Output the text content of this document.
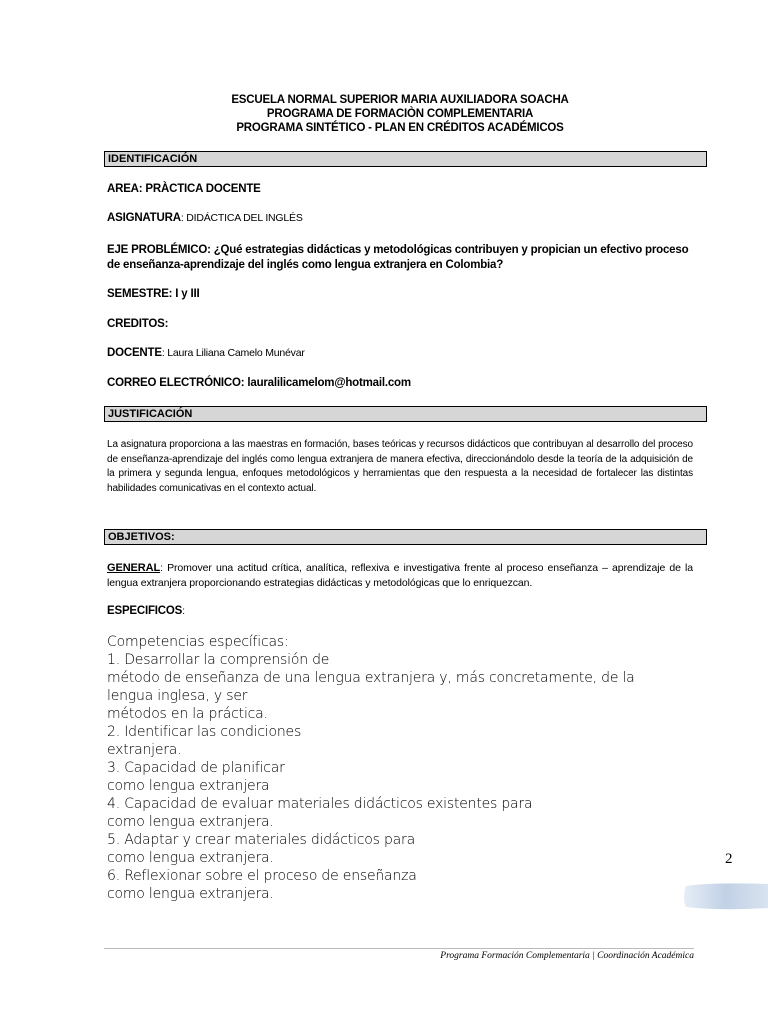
ESCUELA NORMAL SUPERIOR MARIA AUXILIADORA SOACHA
PROGRAMA DE FORMACIÒN COMPLEMENTARIA
PROGRAMA SINTÉTICO - PLAN EN CRÉDITOS ACADÉMICOS
IDENTIFICACIÓN
AREA: PRÀCTICA DOCENTE
ASIGNATURA: DIDÁCTICA DEL INGLÉS
EJE PROBLÉMICO: ¿Qué estrategias didácticas y metodológicas contribuyen y propician un efectivo proceso de enseñanza-aprendizaje del inglés como lengua extranjera en Colombia?
SEMESTRE: I y III
CREDITOS:
DOCENTE: Laura Liliana Camelo Munévar
CORREO ELECTRÓNICO: lauralilicamelom@hotmail.com
JUSTIFICACIÓN
La asignatura proporciona a las maestras en formación, bases teóricas y recursos didácticos que contribuyan al desarrollo del proceso de enseñanza-aprendizaje del inglés como lengua extranjera de manera efectiva, direccionándolo desde la teoría de la adquisición de la primera y segunda lengua, enfoques metodológicos y herramientas que den respuesta a la necesidad de fortalecer las distintas habilidades comunicativas en el contexto actual.
OBJETIVOS:
GENERAL: Promover una actitud crítica, analítica, reflexiva e investigativa frente al proceso enseñanza – aprendizaje de la lengua extranjera proporcionando estrategias didácticas y metodológicas que lo enriquezcan.
ESPECIFICOS:
Competencias específicas:
1. Desarrollar la comprensión de
método de enseñanza de una lengua extranjera y, más concretamente, de la
lengua inglesa, y ser
métodos en la práctica.
2. Identificar las condiciones
extranjera.
3. Capacidad de planificar
como lengua extranjera
4. Capacidad de evaluar materiales didácticos existentes para
como lengua extranjera.
5. Adaptar y crear materiales didácticos para
como lengua extranjera.
6. Reflexionar sobre el proceso de enseñanza
como lengua extranjera.
2
Programa Formación Complementaria | Coordinación Académica
